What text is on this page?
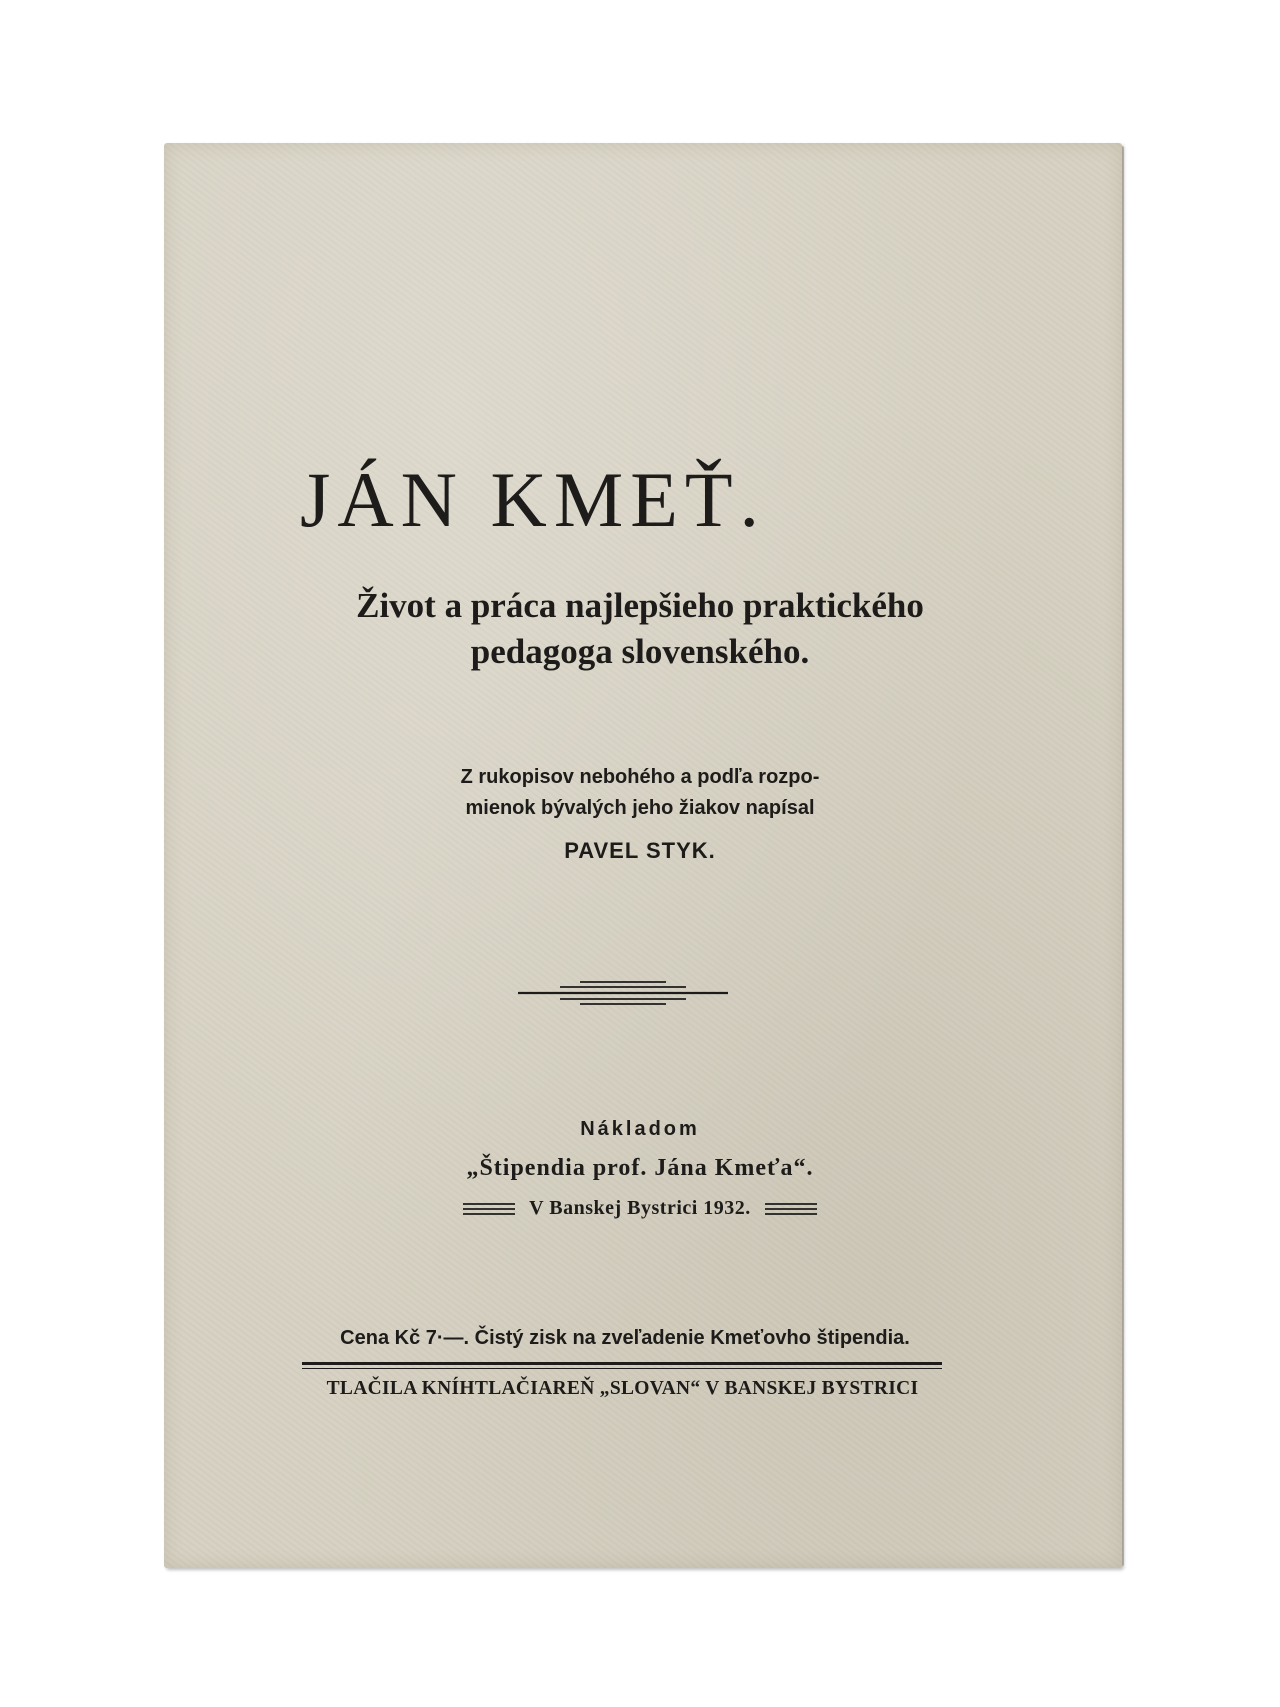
JÁN KMEŤ.
Život a práca najlepšieho praktického
pedagoga slovenského.
Z rukopisov nebohého a podľa rozpo-
mienok bývalých jeho žiakov napísal
PAVEL STYK.
Nákladom
„Štipendia prof. Jána Kmeťa“.
V Banskej Bystrici 1932.
Cena Kč 7·—. Čistý zisk na zveľadenie Kmeťovho štipendia.
TLAČILA KNÍHTLAČIAREŇ „SLOVAN“ V BANSKEJ BYSTRICI
